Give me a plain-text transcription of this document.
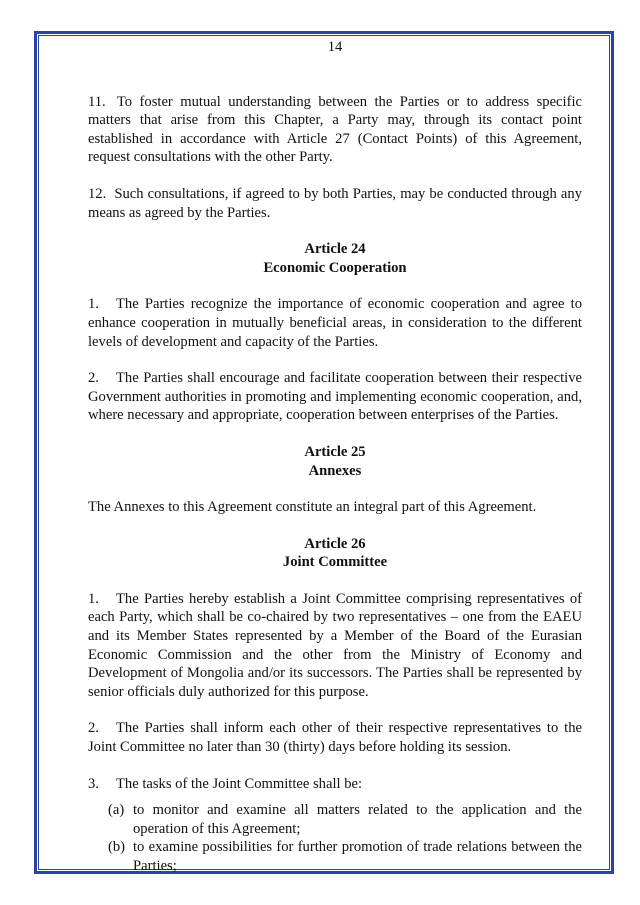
14

11. To foster mutual understanding between the Parties or to address specific matters that arise from this Chapter, a Party may, through its contact point established in accordance with Article 27 (Contact Points) of this Agreement, request consultations with the other Party.

12. Such consultations, if agreed to by both Parties, may be conducted through any means as agreed by the Parties.

Article 24
Economic Cooperation

1. The Parties recognize the importance of economic cooperation and agree to enhance cooperation in mutually beneficial areas, in consideration to the different levels of development and capacity of the Parties.

2. The Parties shall encourage and facilitate cooperation between their respective Government authorities in promoting and implementing economic cooperation, and, where necessary and appropriate, cooperation between enterprises of the Parties.

Article 25
Annexes

The Annexes to this Agreement constitute an integral part of this Agreement.

Article 26
Joint Committee

1. The Parties hereby establish a Joint Committee comprising representatives of each Party, which shall be co-chaired by two representatives – one from the EAEU and its Member States represented by a Member of the Board of the Eurasian Economic Commission and the other from the Ministry of Economy and Development of Mongolia and/or its successors. The Parties shall be represented by senior officials duly authorized for this purpose.

2. The Parties shall inform each other of their respective representatives to the Joint Committee no later than 30 (thirty) days before holding its session.

3. The tasks of the Joint Committee shall be:

(a) to monitor and examine all matters related to the application and the operation of this Agreement;
(b) to examine possibilities for further promotion of trade relations between the Parties;
